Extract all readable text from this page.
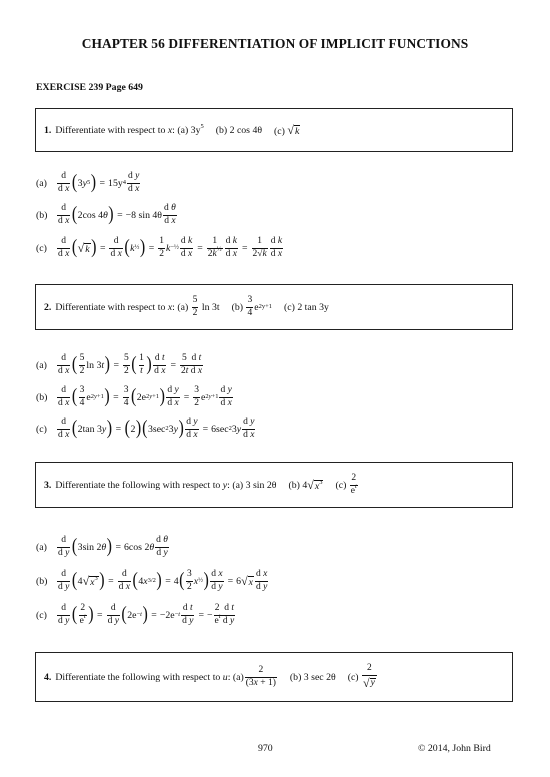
CHAPTER 56 DIFFERENTIATION OF IMPLICIT FUNCTIONS
EXERCISE 239 Page 649
1. Differentiate with respect to
x : (a) $3y^5$ (b) 2 cos 4θ (c) √ k
(a)	$\frac{d}{\text{d x}}$ ( 3 y 5 ) = 15y $4 \frac{\text{d y}}{\text{d x}}$
(b)	$\frac{d}{\text{d x}}$ ( 2cos 4 θ ) = −8 $\sin 4\theta \frac{\text{d θ}}{\text{d x}}$
(c)	$\frac{d}{\text{d x}}$ ( √ k ) = $\frac{d}{\text{d x}}$ ( k ½ ) = $\frac{1}{2}$ k −½ $\frac{\text{d k}}{\text{d x}} = \frac{1}{2k^{\frac{1}{2}}} \frac{\text{d k}}{\text{d x}} = \frac{1}{2√k} \frac{\text{d k}}{\text{d x}}$
2. Differentiate with respect to
x : (a)
$\frac{5}{2}$
ln 3t (b)
$\frac{3}{4}$ e 2y+1 (c) 2 tan 3y
(a)	$\frac{d}{\text{d x}}$ ( $\frac{5}{2}$ ln 3 t ) = $\frac{5}{2}$ ( $\frac{1}{t}$ ) $\frac{\text{d t}}{\text{d x}} = \frac{\text{5  d t}}{\text{2t d x}}$
(b)	$\frac{d}{\text{d x}}$ ( $\frac{3}{4}$ e 2y+1 ) = $\frac{3}{4}$ ( 2e 2y+1 ) $\frac{\text{d y}}{\text{d x}} = \frac{3}{2}$ e $2y+1 \frac{\text{d y}}{\text{d x}}$
(c)	$\frac{d}{\text{d x}}$ ( 2tan 3 y ) = ( 2 ) ( 3sec 2 3 y ) $\frac{\text{d y}}{\text{d x}} = 6\sec$ 2 3 y $\frac{\text{d y}}{\text{d x}}$
3. Differentiate the following with respect to
y : (a) 3 sin 2θ (b) 4 √ $x^3$ (c)
$\frac{2}{e^t}$
(a)	$\frac{d}{\text{d y}}$ ( 3sin 2 θ ) = 6cos 2 θ $\frac{\text{d θ}}{\text{d y}}$
(b)	$\frac{d}{\text{d y}}$ ( 4 √ $x^3$ ) = $\frac{d}{\text{d x}}$ ( 4 x 3/2 ) = 4 ( $\frac{3}{2}$ x ½ ) $\frac{\text{d x}}{\text{d y}} = 6$ √ x $\frac{\text{d x}}{\text{d y}}$
(c)	$\frac{d}{\text{d y}}$ ( $\frac{2}{e^t}$ ) = $\frac{d}{\text{d y}}$ ( 2e −t ) = $-2e -t \frac{\text{d t}}{\text{d y}}$ = − $\frac{\text{2  d t}}{e^t d y}$
4. Differentiate the following with respect to
u : $(a) \frac{2}{(3x + 1)} (b)$ 3 sec 2θ (c)
$\frac{2}{√ y}$
970	© 2014, John Bird
